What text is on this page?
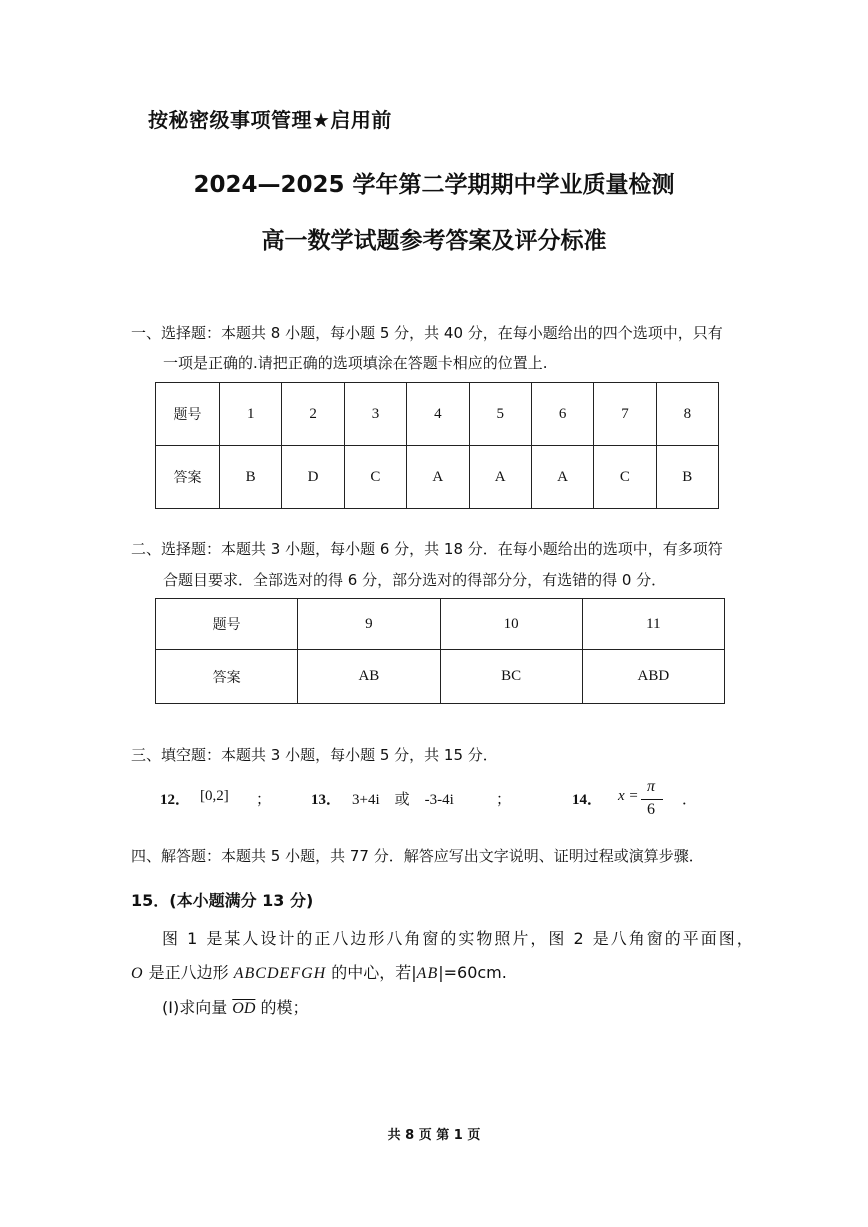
按秘密级事项管理★启用前
2024—2025 学年第二学期期中学业质量检测
高一数学试题参考答案及评分标准
一、选择题：本题共 8 小题，每小题 5 分，共 40 分，在每小题给出的四个选项中，只有
一项是正确的.请把正确的选项填涂在答题卡相应的位置上.
题号	1	2	3	4	5	6	7	8
答案	B	D	C	A	A	A	C	B
二、选择题：本题共 3 小题，每小题 6 分，共 18 分．在每小题给出的选项中，有多项符
合题目要求．全部选对的得 6 分，部分选对的得部分分，有选错的得 0 分．
题号	9	10	11
答案	AB	BC	ABD
三、填空题：本题共 3 小题，每小题 5 分，共 15 分．
12． [0,2] ；	13． 3+4i　或　-3-4i	；	14． x =
π
6
．
四、解答题：本题共 5 小题，共 77 分．解答应写出文字说明、证明过程或演算步骤．
15．(本小题满分 13 分)
图 1 是某人设计的正八边形八角窗的实物照片，图 2 是八角窗的平面图，
O 是正八边形 ABCDEFGH 的中心，若|AB|=60cm.
(Ⅰ)求向量 $\overline{OD}$ 的模；
共 8 页 第 1 页
